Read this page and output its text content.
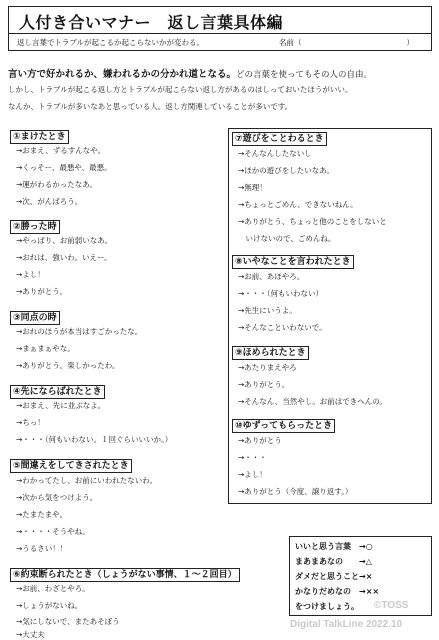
人付き合いマナー　返し言葉具体編
返し言葉でトラブルが起こるか起こらないかが変わる。	名前（　　　　　　　　　　　　　　）
言い方で好かれるか、嫌われるかの分かれ道となる。どの言葉を使ってもその人の自由。
しかし、トラブルが起こる返し方とトラブルが起こらない返し方があるのはしっておいたほうがいい。
なんか、トラブルが多いなあと思っている人。返し方関連していることが多いです。
①まけたとき
→おまえ、ずるすんなや。
→くっそー、最悪や、最悪。
→運がわるかったなあ。
→次、がんばろう。
②勝った時
→やっぱり、お前弱いなあ。
→おれは、強いわ。いえー。
→よし！
→ありがとう。
③同点の時
→おれのほうが本当はすごかったな。
→まぁまぁやな。
→ありがとう。楽しかったわ。
④先にならばれたとき
→おまえ、先に並ぶなよ。
→ちっ！
→・・・（何もいわない。１回ぐらいいいか。）
⑤間違えをしてきされたとき
→わかってたし、お前にいわれたないわ。
→次から気をつけよう。
→たまたまや。
→・・・・そうやね。
→うるさい！！
⑥約束断られたとき（しょうがない事情、１～２回目）
→お前、わざとやろ。
→しょうがないね。
→気にしないで、またあそぼう
→大丈夫
⑦遊びをことわるとき
→そんなんしたないし
→ほかの遊びをしたいなあ。
→無理！
→ちょっとごめん、できないねん。
→ありがとう、ちょっと他のことをしないと
　いけないので、ごめんね。
⑧いやなことを言われたとき
→お前、あほやろ。
→・・・（何もいわない）
→先生にいうよ。
→そんなこといわないで。
⑨ほめられたとき
→あたりまえやろ
→ありがとう。
→そんなん、当然やし。お前はできへんの。
⑩ゆずってもらったとき
→ありがとう
→・・・
→よし！
→ありがとう（今度、譲り返す。）
いいと思う言葉　→○
まあまあなの　　→△
ダメだと思うこと→×
かなりだめなの　→××
をつけましょう。 ©TOSS
Digital TalkLine 2022.10
